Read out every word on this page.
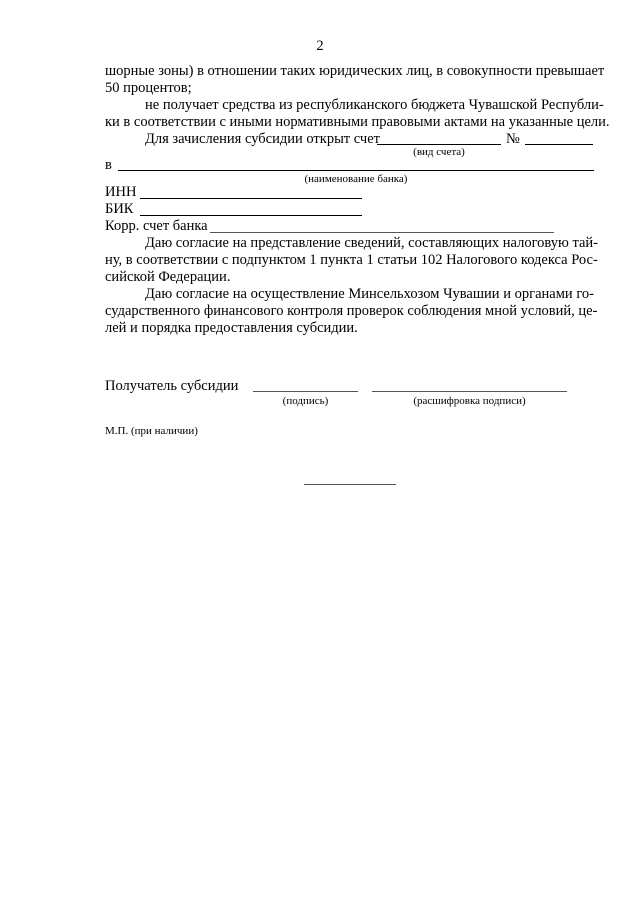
2
шорные зоны) в отношении таких юридических лиц, в совокупности превышает
50 процентов;
не получает средства из республиканского бюджета Чувашской Республи-
ки в соответствии с иными нормативными правовыми актами на указанные цели.
Для зачисления субсидии открыт счет	№
(вид счета)
в
(наименование банка)
ИНН
БИК
Корр. счет банка
Даю согласие на представление сведений, составляющих налоговую тай-
ну, в соответствии с подпунктом 1 пункта 1 статьи 102 Налогового кодекса Рос-
сийской Федерации.
Даю согласие на осуществление Минсельхозом Чувашии и органами го-
сударственного финансового контроля проверок соблюдения мной условий, це-
лей и порядка предоставления субсидии.
Получатель субсидии
(подпись)	(расшифровка подписи)
М.П. (при наличии)
